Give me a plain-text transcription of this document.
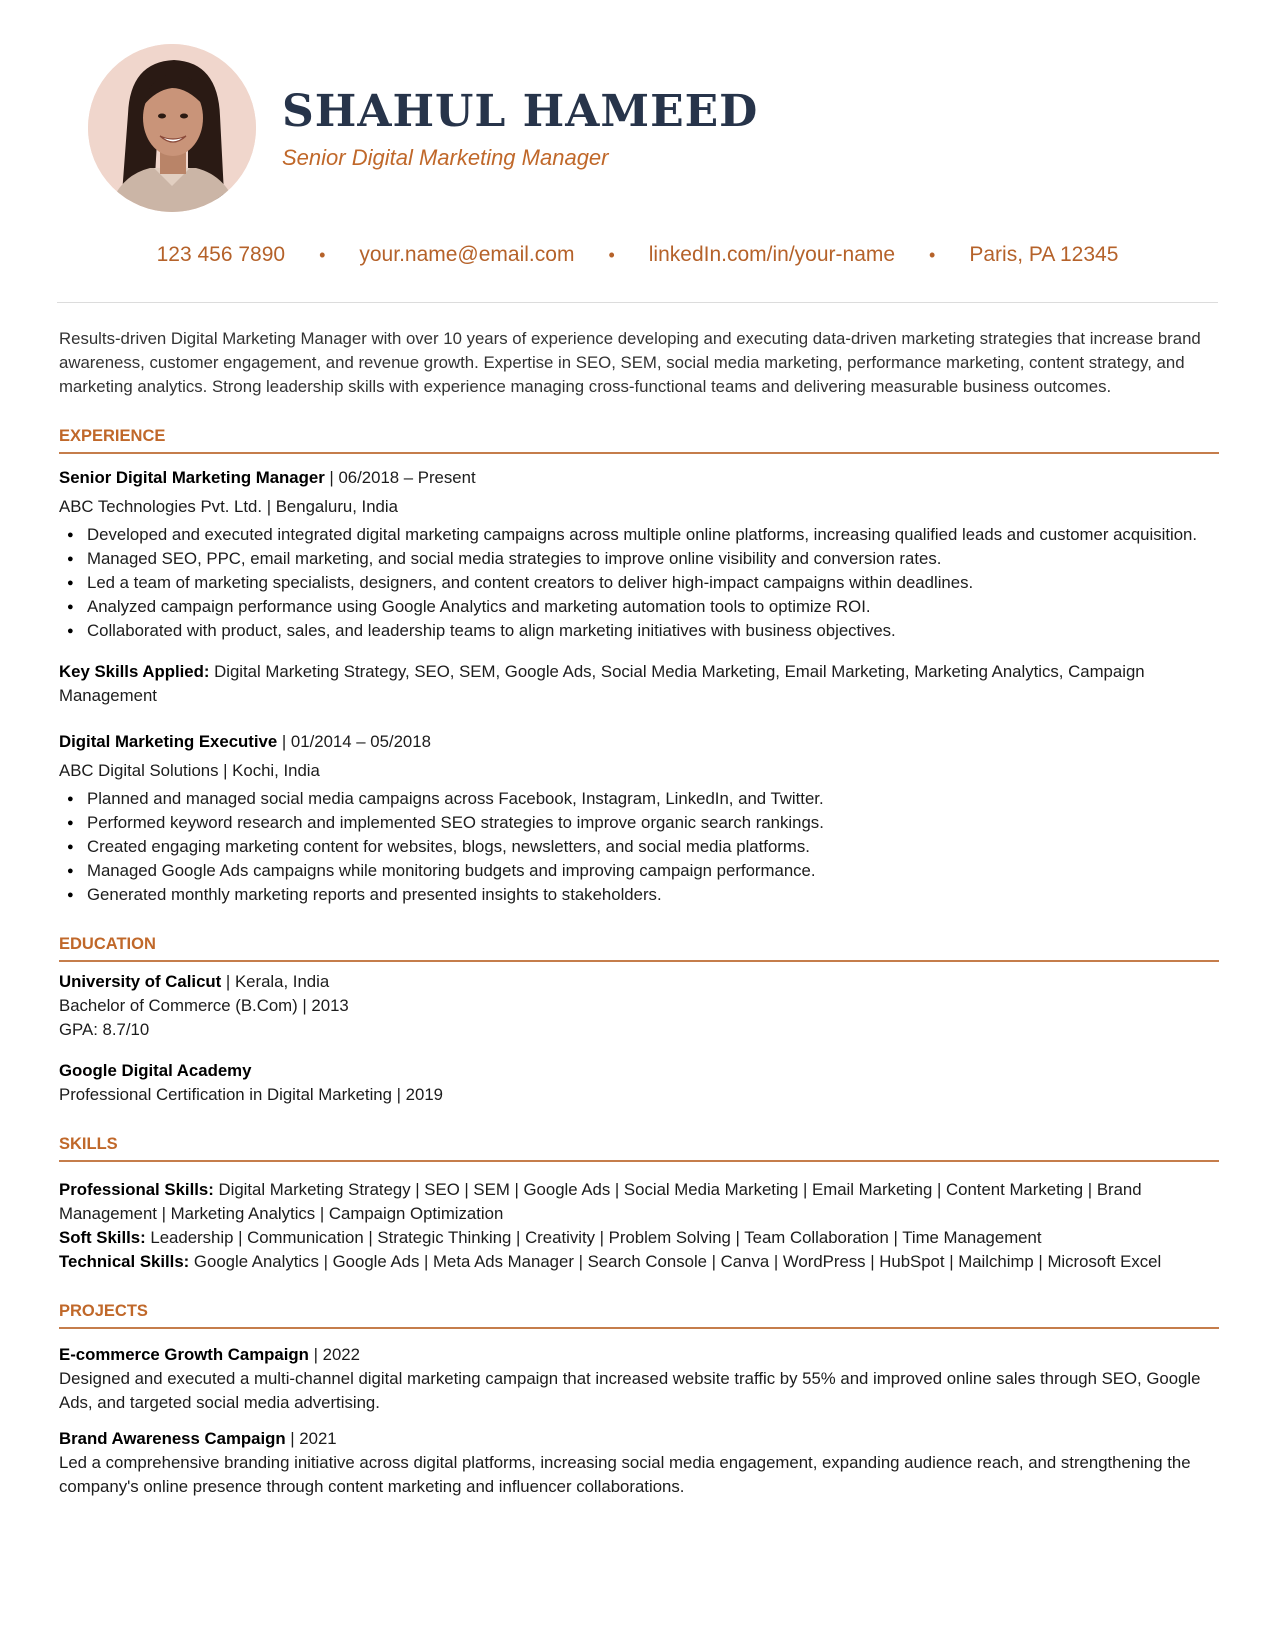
SHAHUL HAMEED
Senior Digital Marketing Manager
123 456 7890 • your.name@email.com • linkedIn.com/in/your-name • Paris, PA 12345

Results-driven Digital Marketing Manager with over 10 years of experience developing and executing data-driven marketing strategies that increase brand awareness, customer engagement, and revenue growth. Expertise in SEO, SEM, social media marketing, performance marketing, content strategy, and marketing analytics. Strong leadership skills with experience managing cross-functional teams and delivering measurable business outcomes.

EXPERIENCE

Senior Digital Marketing Manager | 06/2018 – Present

ABC Technologies Pvt. Ltd. | Bengaluru, India

● Developed and executed integrated digital marketing campaigns across multiple online platforms, increasing qualified leads and customer acquisition.
● Managed SEO, PPC, email marketing, and social media strategies to improve online visibility and conversion rates.
● Led a team of marketing specialists, designers, and content creators to deliver high-impact campaigns within deadlines.
● Analyzed campaign performance using Google Analytics and marketing automation tools to optimize ROI.
● Collaborated with product, sales, and leadership teams to align marketing initiatives with business objectives.

Key Skills Applied: Digital Marketing Strategy, SEO, SEM, Google Ads, Social Media Marketing, Email Marketing, Marketing Analytics, Campaign Management

Digital Marketing Executive | 01/2014 – 05/2018

ABC Digital Solutions | Kochi, India

● Planned and managed social media campaigns across Facebook, Instagram, LinkedIn, and Twitter.
● Performed keyword research and implemented SEO strategies to improve organic search rankings.
● Created engaging marketing content for websites, blogs, newsletters, and social media platforms.
● Managed Google Ads campaigns while monitoring budgets and improving campaign performance.
● Generated monthly marketing reports and presented insights to stakeholders.
EDUCATION

University of Calicut | Kerala, India

Bachelor of Commerce (B.Com) | 2013

GPA: 8.7/10

Google Digital Academy

Professional Certification in Digital Marketing | 2019

SKILLS

Professional Skills: Digital Marketing Strategy | SEO | SEM | Google Ads | Social Media Marketing | Email Marketing | Content Marketing | Brand Management | Marketing Analytics | Campaign Optimization

Soft Skills: Leadership | Communication | Strategic Thinking | Creativity | Problem Solving | Team Collaboration | Time Management

Technical Skills: Google Analytics | Google Ads | Meta Ads Manager | Search Console | Canva | WordPress | HubSpot | Mailchimp | Microsoft Excel

PROJECTS

E-commerce Growth Campaign | 2022

Designed and executed a multi-channel digital marketing campaign that increased website traffic by 55% and improved online sales through SEO, Google Ads, and targeted social media advertising.

Brand Awareness Campaign | 2021

Led a comprehensive branding initiative across digital platforms, increasing social media engagement, expanding audience reach, and strengthening the company's online presence through content marketing and influencer collaborations.
